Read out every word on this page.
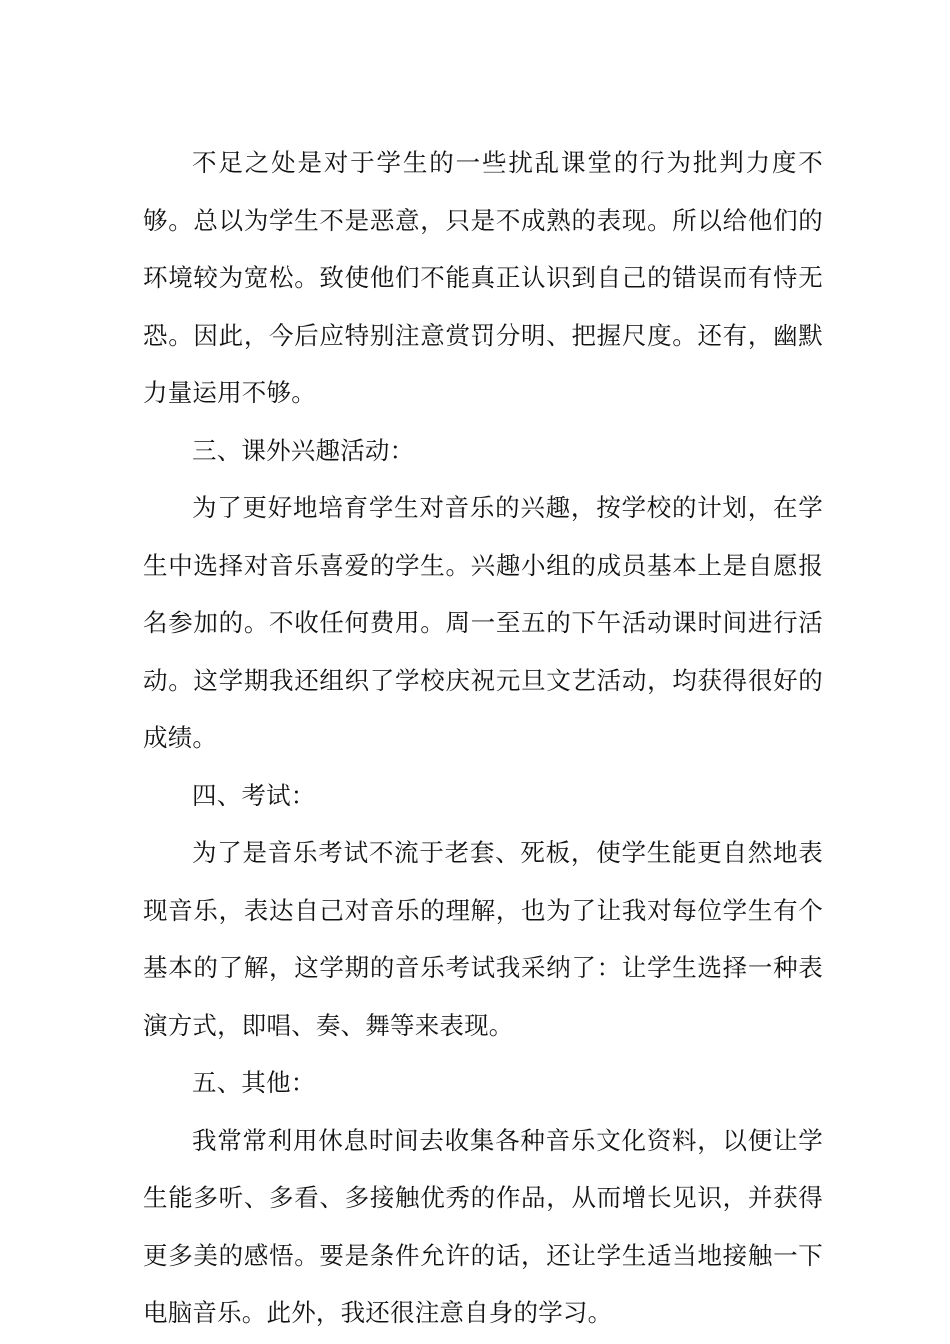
不足之处是对于学生的一些扰乱课堂的行为批判力度不够。总以为学生不是恶意，只是不成熟的表现。所以给他们的环境较为宽松。致使他们不能真正认识到自己的错误而有恃无恐。因此，今后应特别注意赏罚分明、把握尺度。还有，幽默力量运用不够。

三、课外兴趣活动：

为了更好地培育学生对音乐的兴趣，按学校的计划，在学生中选择对音乐喜爱的学生。兴趣小组的成员基本上是自愿报名参加的。不收任何费用。周一至五的下午活动课时间进行活动。这学期我还组织了学校庆祝元旦文艺活动，均获得很好的成绩。

四、考试：

为了是音乐考试不流于老套、死板，使学生能更自然地表现音乐，表达自己对音乐的理解，也为了让我对每位学生有个基本的了解，这学期的音乐考试我采纳了：让学生选择一种表演方式，即唱、奏、舞等来表现。

五、其他：

我常常利用休息时间去收集各种音乐文化资料，以便让学生能多听、多看、多接触优秀的作品，从而增长见识，并获得更多美的感悟。要是条件允许的话，还让学生适当地接触一下电脑音乐。此外，我还很注意自身的学习。
